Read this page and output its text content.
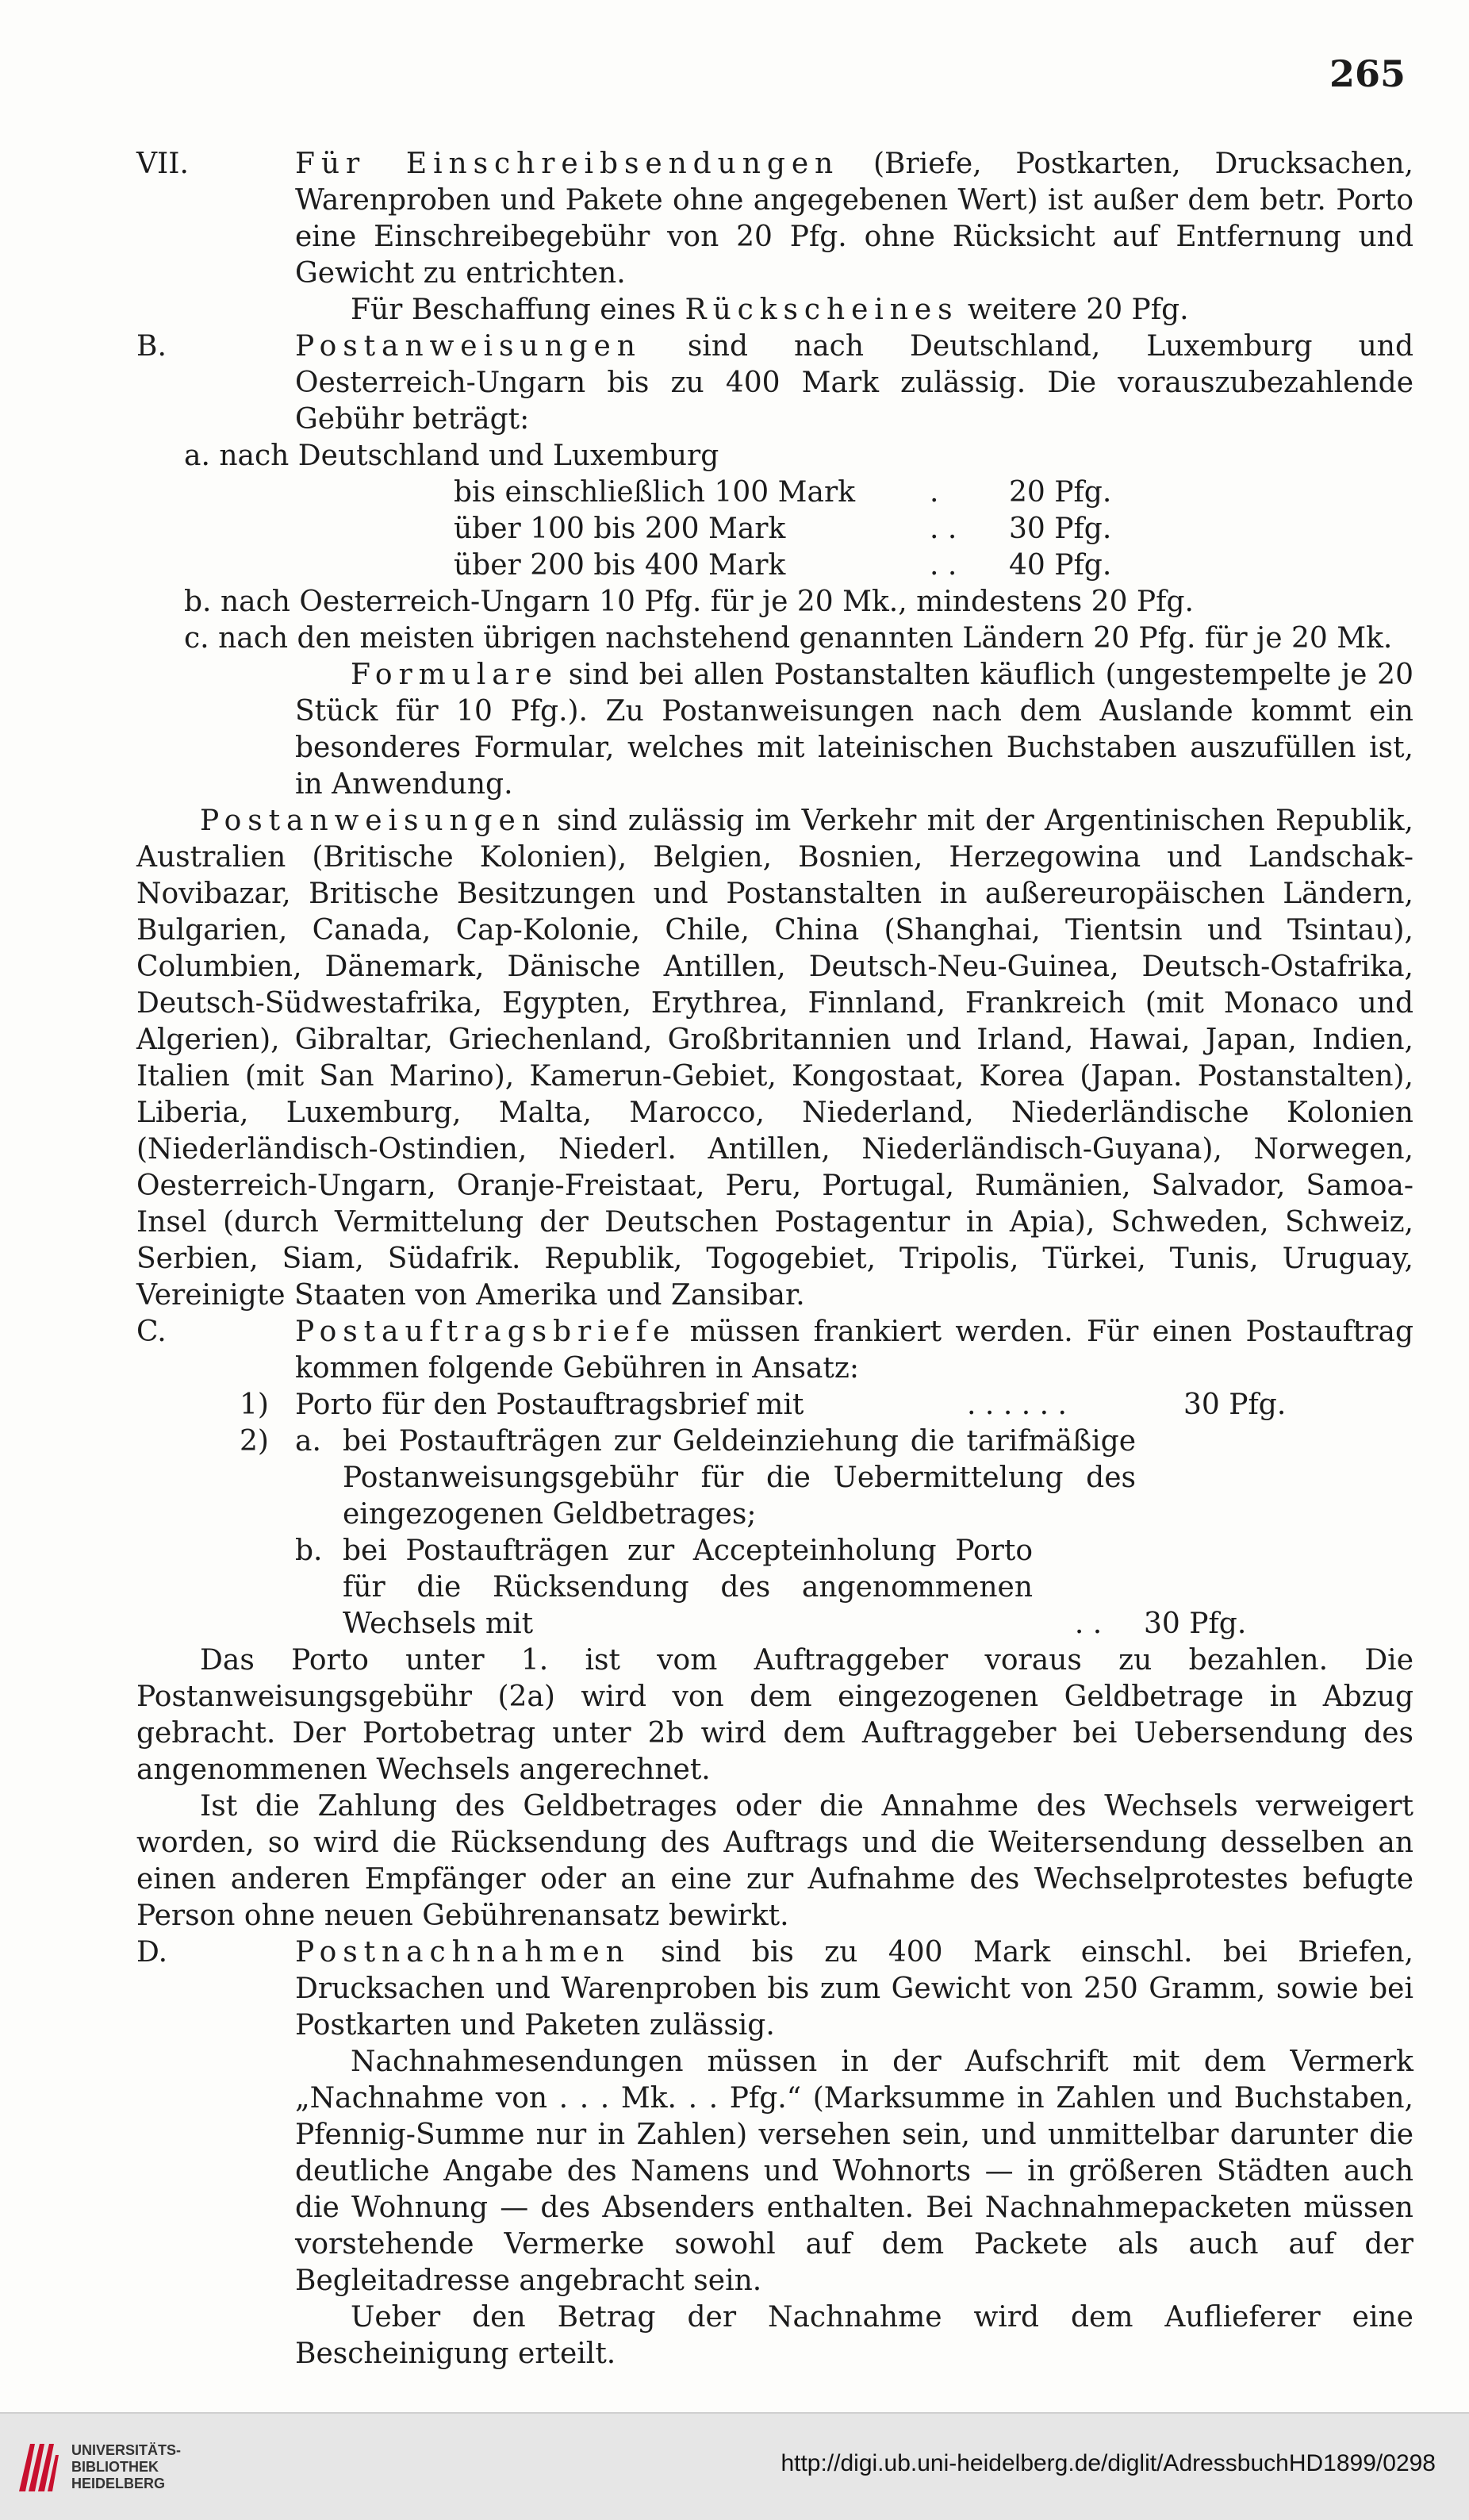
265
VII.	Für Einschreibsendungen (Briefe, Postkarten, Drucksachen, Warenproben und Pakete ohne angegebenen Wert) ist außer dem betr. Porto eine Einschreibegebühr von 20 Pfg. ohne Rücksicht auf Entfernung und Gewicht zu entrichten.
Für Beschaffung eines Rückscheines weitere 20 Pfg.
B.	Postanweisungen sind nach Deutschland, Luxemburg und Oesterreich-Ungarn bis zu 400 Mark zulässig. Die vorauszubezahlende Gebühr beträgt:
a. nach Deutschland und Luxemburg
bis einschließlich 100 Mark	.	20 Pfg.
über 100 bis 200 Mark	. .	30 Pfg.
über 200 bis 400 Mark	. .	40 Pfg.
b. nach Oesterreich-Ungarn 10 Pfg. für je 20 Mk., mindestens 20 Pfg.
c. nach den meisten übrigen nachstehend genannten Ländern 20 Pfg. für je 20 Mk.
Formulare sind bei allen Postanstalten käuflich (ungestempelte je 20 Stück für 10 Pfg.). Zu Postanweisungen nach dem Auslande kommt ein besonderes Formular, welches mit lateinischen Buchstaben auszufüllen ist, in Anwendung.
Postanweisungen sind zulässig im Verkehr mit der Argentinischen Republik, Australien (Britische Kolonien), Belgien, Bosnien, Herzegowina und Landschak-Novibazar, Britische Besitzungen und Postanstalten in außereuropäischen Ländern, Bulgarien, Canada, Cap-Kolonie, Chile, China (Shanghai, Tientsin und Tsintau), Columbien, Dänemark, Dänische Antillen, Deutsch-Neu-Guinea, Deutsch-Ostafrika, Deutsch-Südwestafrika, Egypten, Erythrea, Finnland, Frankreich (mit Monaco und Algerien), Gibraltar, Griechenland, Großbritannien und Irland, Hawai, Japan, Indien, Italien (mit San Marino), Kamerun-Gebiet, Kongostaat, Korea (Japan. Postanstalten), Liberia, Luxemburg, Malta, Marocco, Niederland, Niederländische Kolonien (Niederländisch-Ostindien, Niederl. Antillen, Niederländisch-Guyana), Norwegen, Oesterreich-Ungarn, Oranje-Freistaat, Peru, Portugal, Rumänien, Salvador, Samoa-Insel (durch Vermittelung der Deutschen Postagentur in Apia), Schweden, Schweiz, Serbien, Siam, Südafrik. Republik, Togogebiet, Tripolis, Türkei, Tunis, Uruguay, Vereinigte Staaten von Amerika und Zansibar.
C.	Postauftragsbriefe müssen frankiert werden. Für einen Postauftrag kommen folgende Gebühren in Ansatz:
1) Porto für den Postauftragsbrief mit	. . . . . .	30 Pfg.
2) a. bei Postaufträgen zur Geldeinziehung die tarifmäßige Postanweisungsgebühr für die Uebermittelung des eingezogenen Geldbetrages;
b. bei Postaufträgen zur Accepteinholung Porto für die Rücksendung des angenommenen Wechsels mit	. .	30 Pfg.
Das Porto unter 1. ist vom Auftraggeber voraus zu bezahlen. Die Postanweisungsgebühr (2a) wird von dem eingezogenen Geldbetrage in Abzug gebracht. Der Portobetrag unter 2b wird dem Auftraggeber bei Uebersendung des angenommenen Wechsels angerechnet.
Ist die Zahlung des Geldbetrages oder die Annahme des Wechsels verweigert worden, so wird die Rücksendung des Auftrags und die Weitersendung desselben an einen anderen Empfänger oder an eine zur Aufnahme des Wechselprotestes befugte Person ohne neuen Gebührenansatz bewirkt.
D.	Postnachnahmen sind bis zu 400 Mark einschl. bei Briefen, Drucksachen und Warenproben bis zum Gewicht von 250 Gramm, sowie bei Postkarten und Paketen zulässig.
Nachnahmesendungen müssen in der Aufschrift mit dem Vermerk „Nachnahme von . . . Mk. . . Pfg.“ (Marksumme in Zahlen und Buchstaben, Pfennig-Summe nur in Zahlen) versehen sein, und unmittelbar darunter die deutliche Angabe des Namens und Wohnorts — in größeren Städten auch die Wohnung — des Absenders enthalten. Bei Nachnahmepacketen müssen vorstehende Vermerke sowohl auf dem Packete als auch auf der Begleitadresse angebracht sein.
Ueber den Betrag der Nachnahme wird dem Auflieferer eine Bescheinigung erteilt.
UNIVERSITÄTS-
BIBLIOTHEK
HEIDELBERG
http://digi.ub.uni-heidelberg.de/diglit/AdressbuchHD1899/0298
